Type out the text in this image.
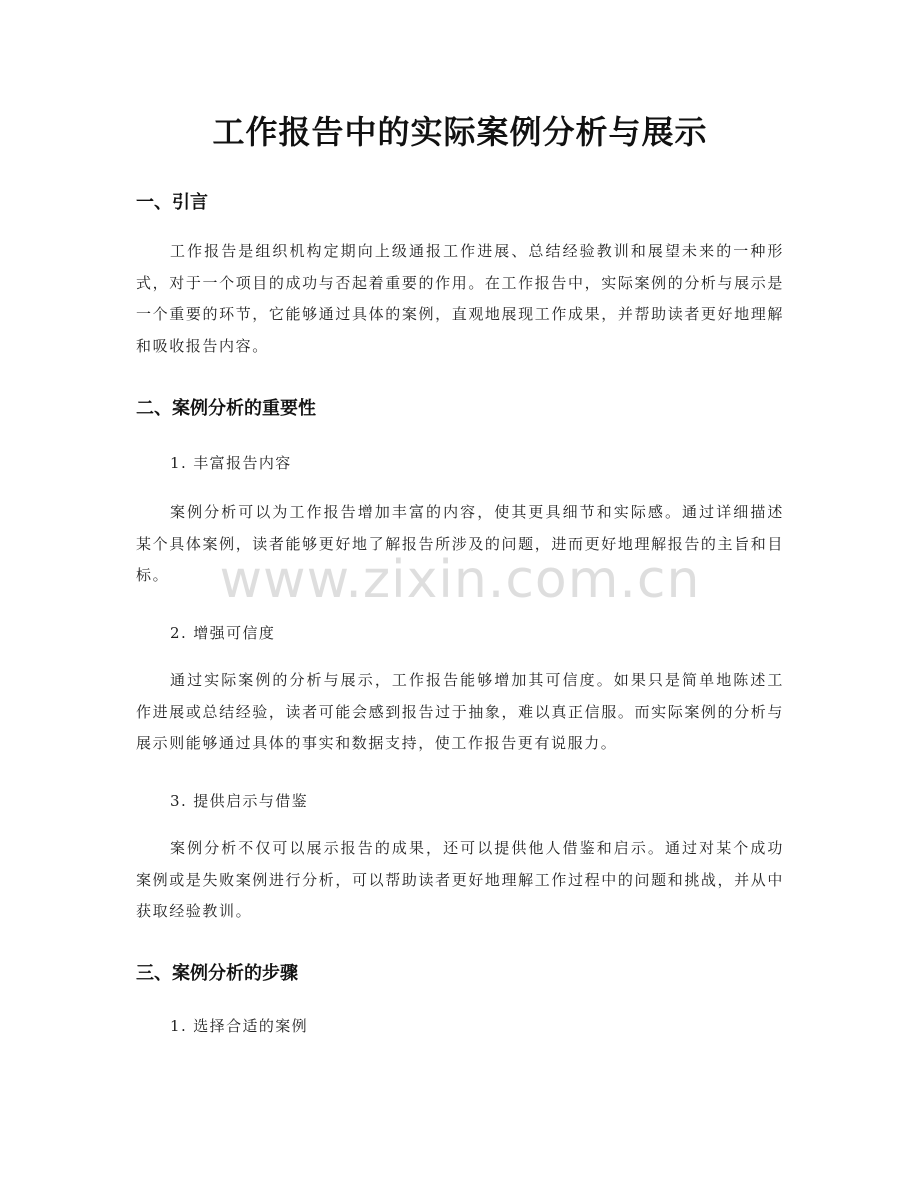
工作报告中的实际案例分析与展示
一、引言

工作报告是组织机构定期向上级通报工作进展、总结经验教训和展望未来的一种形式，对于一个项目的成功与否起着重要的作用。在工作报告中，实际案例的分析与展示是一个重要的环节，它能够通过具体的案例，直观地展现工作成果，并帮助读者更好地理解和吸收报告内容。

二、案例分析的重要性

1. 丰富报告内容

案例分析可以为工作报告增加丰富的内容，使其更具细节和实际感。通过详细描述某个具体案例，读者能够更好地了解报告所涉及的问题，进而更好地理解报告的主旨和目标。

2. 增强可信度

通过实际案例的分析与展示，工作报告能够增加其可信度。如果只是简单地陈述工作进展或总结经验，读者可能会感到报告过于抽象，难以真正信服。而实际案例的分析与展示则能够通过具体的事实和数据支持，使工作报告更有说服力。

3. 提供启示与借鉴

案例分析不仅可以展示报告的成果，还可以提供他人借鉴和启示。通过对某个成功案例或是失败案例进行分析，可以帮助读者更好地理解工作过程中的问题和挑战，并从中获取经验教训。

三、案例分析的步骤

1. 选择合适的案例

www.zixin.com.cn
